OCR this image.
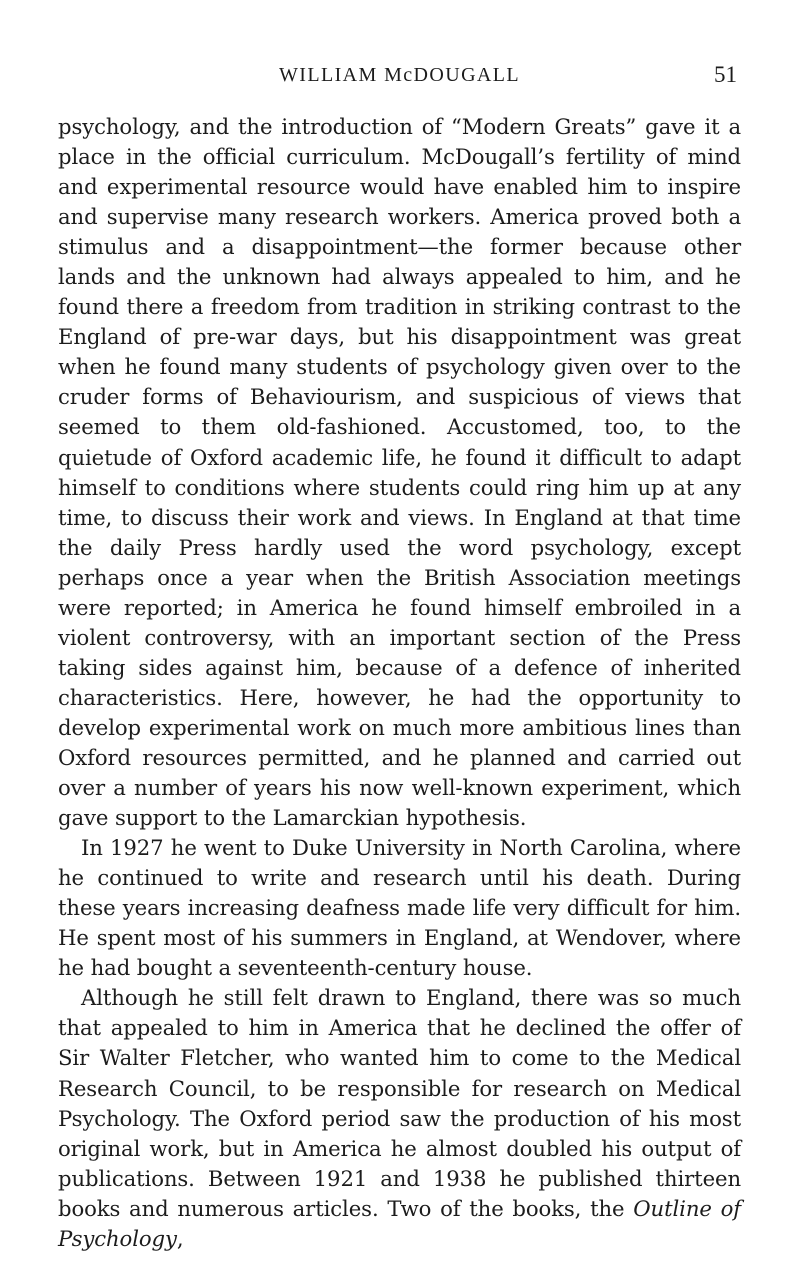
WILLIAM McDOUGALL	51

psychology, and the introduction of “Modern Greats” gave it a place in the official curriculum. McDougall’s fertility of mind and experimental resource would have enabled him to inspire and supervise many research workers. America proved both a stimulus and a disappointment—the former because other lands and the unknown had always appealed to him, and he found there a freedom from tradition in striking contrast to the England of pre-war days, but his disappointment was great when he found many students of psychology given over to the cruder forms of Behaviourism, and suspicious of views that seemed to them old-fashioned. Accustomed, too, to the quietude of Oxford academic life, he found it difficult to adapt himself to conditions where students could ring him up at any time, to discuss their work and views. In England at that time the daily Press hardly used the word psychology, except perhaps once a year when the British Association meetings were reported; in America he found himself embroiled in a violent controversy, with an important section of the Press taking sides against him, because of a defence of inherited characteristics. Here, however, he had the opportunity to develop experimental work on much more ambitious lines than Oxford resources permitted, and he planned and carried out over a number of years his now well-known experiment, which gave support to the Lamarckian hypothesis.

In 1927 he went to Duke University in North Carolina, where he continued to write and research until his death. During these years increasing deafness made life very difficult for him. He spent most of his summers in England, at Wendover, where he had bought a seventeenth-century house.

Although he still felt drawn to England, there was so much that appealed to him in America that he declined the offer of Sir Walter Fletcher, who wanted him to come to the Medical Research Council, to be responsible for research on Medical Psychology. The Oxford period saw the production of his most original work, but in America he almost doubled his output of publications. Between 1921 and 1938 he published thirteen books and numerous articles. Two of the books, the Outline of Psychology,
